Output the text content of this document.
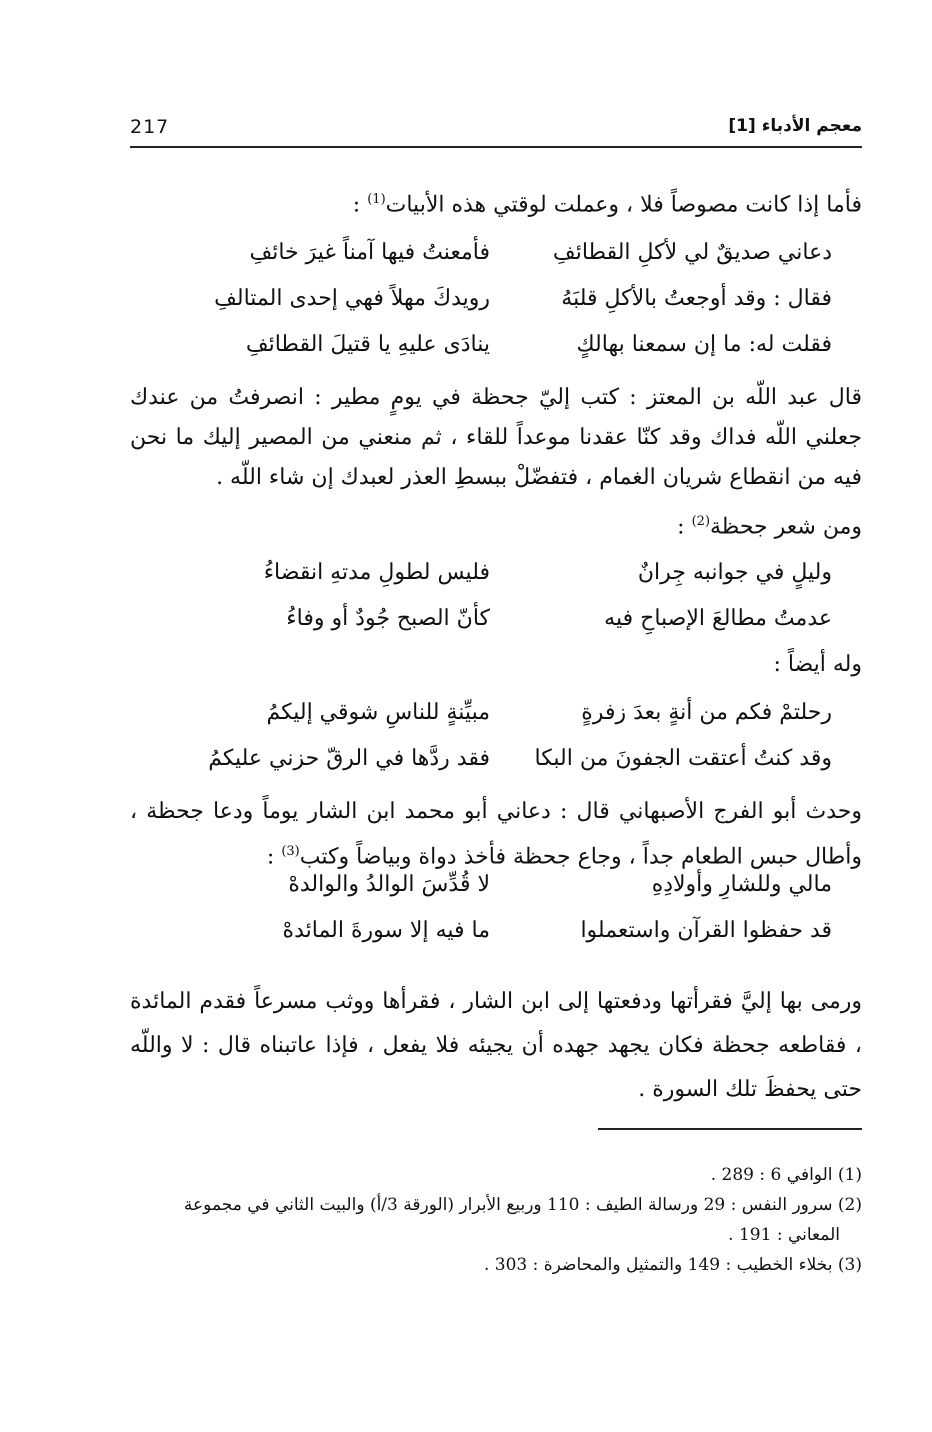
217	معجم الأدباء [1]
فأما إذا كانت مصوصاً فلا ، وعملت لوقتي هذه الأبيات$^{(1)}$ :
دعاني صديقٌ لي لأكلِ القطائفِ
فأمعنتُ فيها آمناً غيرَ خائفِ
فقال : وقد أوجعتُ بالأكلِ قلبَهُ
رويدكَ مهلاً فهي إحدى المتالفِ
فقلت له: ما إن سمعنا بهالكٍ
ينادَى عليهِ يا قتيلَ القطائفِ
قال عبد اللّه بن المعتز : كتب إليّ جحظة في يومٍ مطير : انصرفتُ من عندك جعلني اللّه فداك وقد كنّا عقدنا موعداً للقاء ، ثم منعني من المصير إليك ما نحن فيه من انقطاع شريان الغمام ، فتفضّلْ ببسطِ العذر لعبدك إن شاء اللّه .
ومن شعر جحظة$^{(2)}$ :
وليلٍ في جوانبه جِرانٌ
فليس لطولِ مدتهِ انقضاءُ
عدمتُ مطالعَ الإصباحِ فيه
كأنّ الصبح جُودٌ أو وفاءُ
وله أيضاً :
رحلتمْ فكم من أنةٍ بعدَ زفرةٍ
مبيِّنةٍ للناسِ شوقي إليكمُ
وقد كنتُ أعتقت الجفونَ من البكا
فقد ردَّها في الرقّ حزني عليكمُ
وحدث أبو الفرج الأصبهاني قال : دعاني أبو محمد ابن الشار يوماً ودعا جحظة ، وأطال حبس الطعام جداً ، وجاع جحظة فأخذ دواة وبياضاً وكتب$^{(3)}$ :
مالي وللشارِ وأولادِهِ
لا قُدِّسَ الوالدُ والوالدهْ
قد حفظوا القرآن واستعملوا
ما فيه إلا سورةَ المائدهْ
ورمى بها إليَّ فقرأتها ودفعتها إلى ابن الشار ، فقرأها ووثب مسرعاً فقدم المائدة ، فقاطعه جحظة فكان يجهد جهده أن يجيئه فلا يفعل ، فإذا عاتبناه قال : لا واللّه حتى يحفظَ تلك السورة .
(1) الوافي 6 : 289 .
(2) سرور النفس : 29 ورسالة الطيف : 110 وربيع الأبرار (الورقة 3/أ) والبيت الثاني في مجموعة
المعاني : 191 .
(3) بخلاء الخطيب : 149 والتمثيل والمحاضرة : 303 .
